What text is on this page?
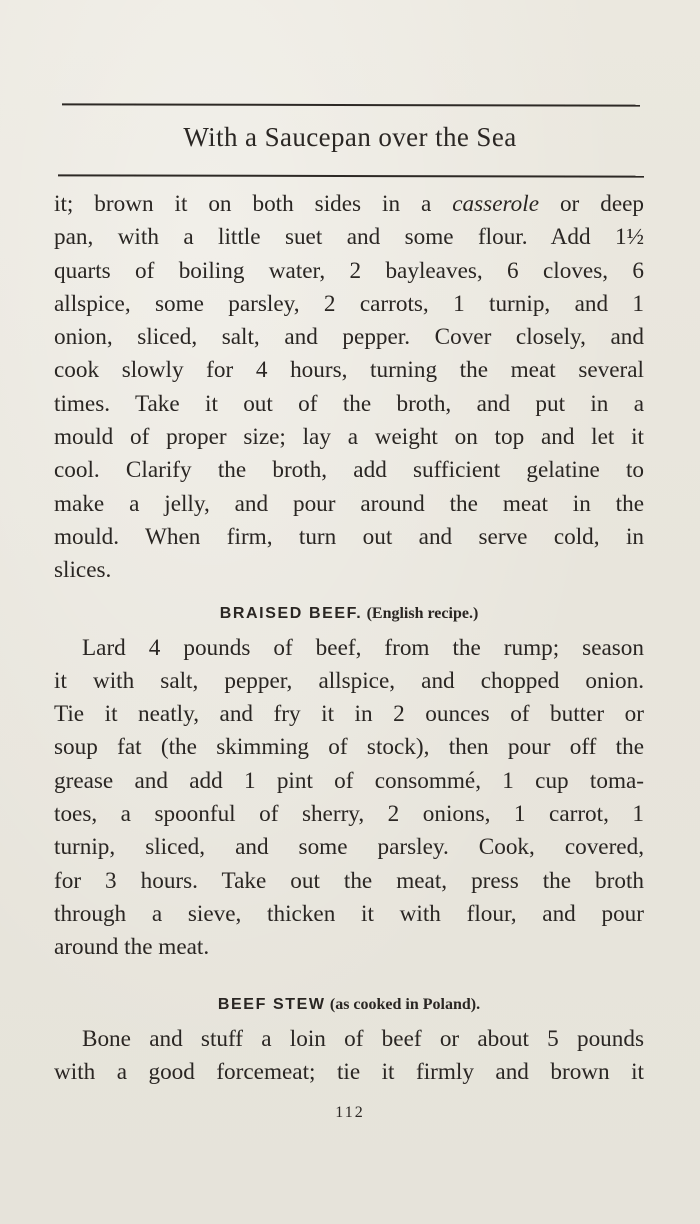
With a Saucepan over the Sea
it; brown it on both sides in a casserole or deep
pan, with a little suet and some flour. Add 1½
quarts of boiling water, 2 bayleaves, 6 cloves, 6
allspice, some parsley, 2 carrots, 1 turnip, and 1
onion, sliced, salt, and pepper. Cover closely, and
cook slowly for 4 hours, turning the meat several
times. Take it out of the broth, and put in a
mould of proper size; lay a weight on top and let it
cool. Clarify the broth, add sufficient gelatine to
make a jelly, and pour around the meat in the
mould. When firm, turn out and serve cold, in
slices.
BRAISED BEEF. (English recipe.)
Lard 4 pounds of beef, from the rump; season
it with salt, pepper, allspice, and chopped onion.
Tie it neatly, and fry it in 2 ounces of butter or
soup fat (the skimming of stock), then pour off the
grease and add 1 pint of consommé, 1 cup toma-
toes, a spoonful of sherry, 2 onions, 1 carrot, 1
turnip, sliced, and some parsley. Cook, covered,
for 3 hours. Take out the meat, press the broth
through a sieve, thicken it with flour, and pour
around the meat.
BEEF STEW (as cooked in Poland).
Bone and stuff a loin of beef or about 5 pounds
with a good forcemeat; tie it firmly and brown it
112
